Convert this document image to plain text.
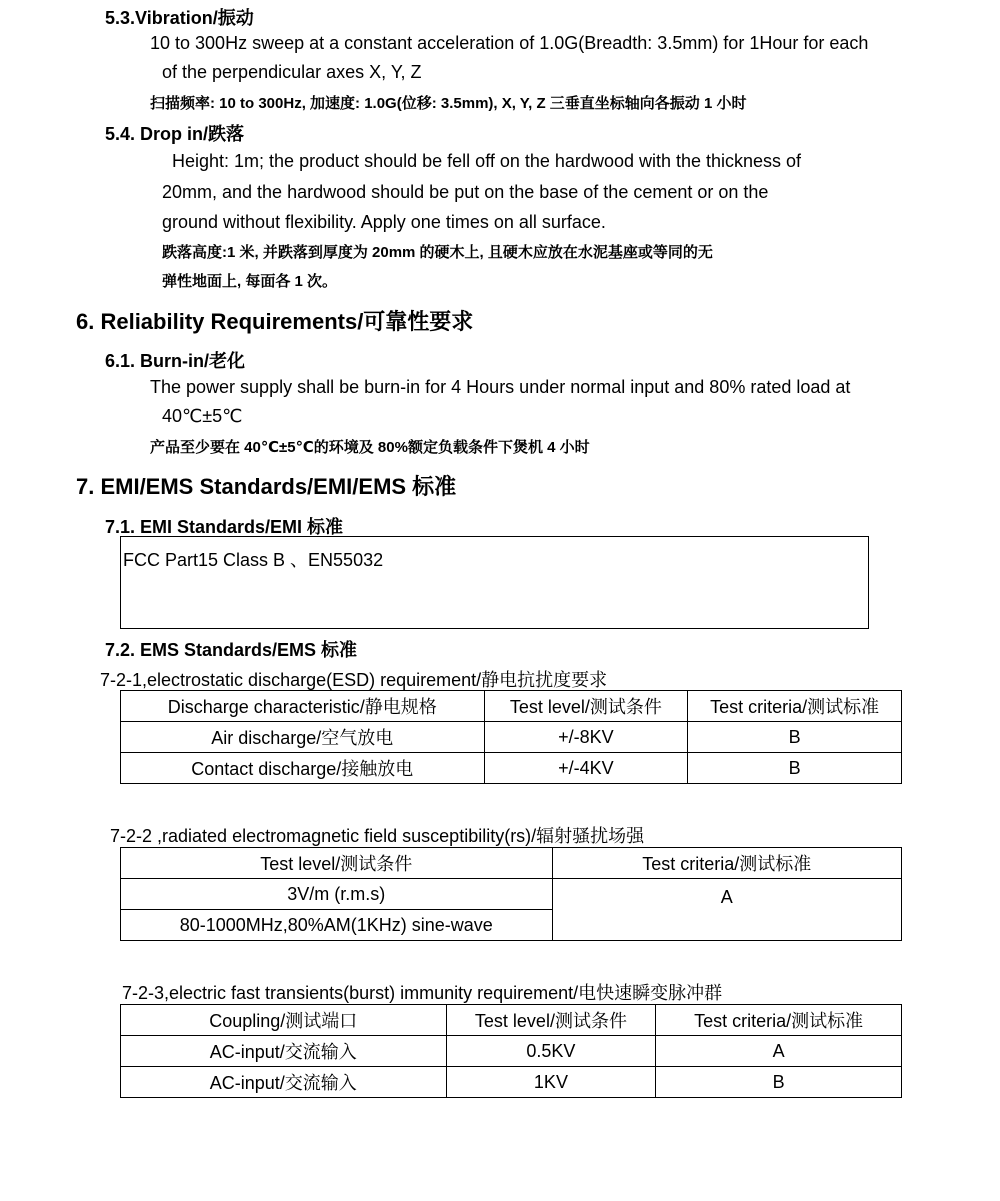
5.3.Vibration/振动
10 to 300Hz sweep at a constant acceleration of 1.0G(Breadth: 3.5mm) for 1Hour for each
of the perpendicular axes X, Y, Z
扫描频率: 10 to 300Hz, 加速度: 1.0G(位移: 3.5mm), X, Y, Z 三垂直坐标轴向各振动 1 小时
5.4. Drop in/跌落
Height: 1m; the product should be fell off on the hardwood with the thickness of
20mm, and the hardwood should be put on the base of the cement or on the
ground without flexibility. Apply one times on all surface.
跌落高度:1 米, 并跌落到厚度为 20mm 的硬木上, 且硬木应放在水泥基座或等同的无
弹性地面上, 每面各 1 次。
6. Reliability Requirements/可靠性要求
6.1. Burn-in/老化
The power supply shall be burn-in for 4 Hours under normal input and 80% rated load at
40℃±5℃
产品至少要在 40℃±5℃的环境及 80%额定负载条件下煲机 4 小时
7. EMI/EMS Standards/EMI/EMS 标准
7.1. EMI Standards/EMI 标准
FCC Part15 Class B 、EN55032
7.2. EMS Standards/EMS 标准
7-2-1,electrostatic discharge(ESD) requirement/静电抗扰度要求
Discharge characteristic/静电规格	Test level/测试条件	Test criteria/测试标准
Air discharge/空气放电	+/-8KV	B
Contact discharge/接触放电	+/-4KV	B
7-2-2 ,radiated electromagnetic field susceptibility(rs)/辐射骚扰场强
Test level/测试条件	Test criteria/测试标准
3V/m (r.m.s)	A
80-1000MHz,80%AM(1KHz) sine-wave	
7-2-3,electric fast transients(burst) immunity requirement/电快速瞬变脉冲群
Coupling/测试端口	Test level/测试条件	Test criteria/测试标准
AC-input/交流输入	0.5KV	A
AC-input/交流输入	1KV	B
